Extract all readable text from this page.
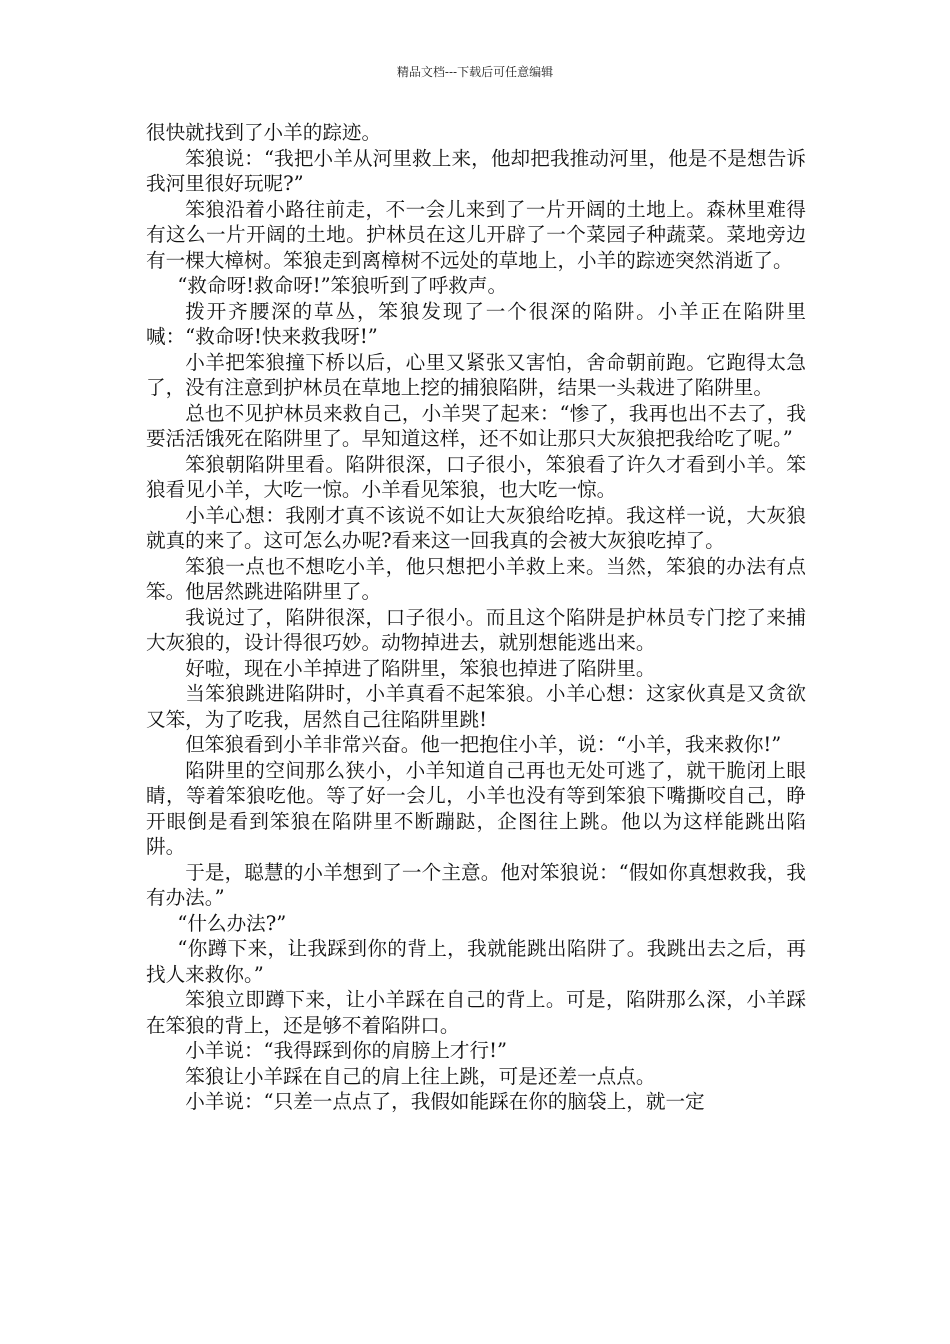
精品文档---下载后可任意编辑

很快就找到了小羊的踪迹。

笨狼说：“我把小羊从河里救上来，他却把我推动河里，他是不是想告诉我河里很好玩呢?”

笨狼沿着小路往前走，不一会儿来到了一片开阔的土地上。森林里难得有这么一片开阔的土地。护林员在这儿开辟了一个菜园子种蔬菜。菜地旁边有一棵大樟树。笨狼走到离樟树不远处的草地上，小羊的踪迹突然消逝了。

“救命呀!救命呀!”笨狼听到了呼救声。

拨开齐腰深的草丛，笨狼发现了一个很深的陷阱。小羊正在陷阱里喊：“救命呀!快来救我呀!”

小羊把笨狼撞下桥以后，心里又紧张又害怕，舍命朝前跑。它跑得太急了，没有注意到护林员在草地上挖的捕狼陷阱，结果一头栽进了陷阱里。

总也不见护林员来救自己，小羊哭了起来：“惨了，我再也出不去了，我要活活饿死在陷阱里了。早知道这样，还不如让那只大灰狼把我给吃了呢。”

笨狼朝陷阱里看。陷阱很深，口子很小，笨狼看了许久才看到小羊。笨狼看见小羊，大吃一惊。小羊看见笨狼，也大吃一惊。

小羊心想：我刚才真不该说不如让大灰狼给吃掉。我这样一说，大灰狼就真的来了。这可怎么办呢?看来这一回我真的会被大灰狼吃掉了。

笨狼一点也不想吃小羊，他只想把小羊救上来。当然，笨狼的办法有点笨。他居然跳进陷阱里了。

我说过了，陷阱很深，口子很小。而且这个陷阱是护林员专门挖了来捕大灰狼的，设计得很巧妙。动物掉进去，就别想能逃出来。

好啦，现在小羊掉进了陷阱里，笨狼也掉进了陷阱里。

当笨狼跳进陷阱时，小羊真看不起笨狼。小羊心想：这家伙真是又贪欲又笨，为了吃我，居然自己往陷阱里跳!

但笨狼看到小羊非常兴奋。他一把抱住小羊，说：“小羊，我来救你!”

陷阱里的空间那么狭小，小羊知道自己再也无处可逃了，就干脆闭上眼睛，等着笨狼吃他。等了好一会儿，小羊也没有等到笨狼下嘴撕咬自己，睁开眼倒是看到笨狼在陷阱里不断蹦跶，企图往上跳。他以为这样能跳出陷阱。

于是，聪慧的小羊想到了一个主意。他对笨狼说：“假如你真想救我，我有办法。”

“什么办法?”

“你蹲下来，让我踩到你的背上，我就能跳出陷阱了。我跳出去之后，再找人来救你。”

笨狼立即蹲下来，让小羊踩在自己的背上。可是，陷阱那么深，小羊踩在笨狼的背上，还是够不着陷阱口。

小羊说：“我得踩到你的肩膀上才行!”

笨狼让小羊踩在自己的肩上往上跳，可是还差一点点。

小羊说：“只差一点点了，我假如能踩在你的脑袋上，就一定
